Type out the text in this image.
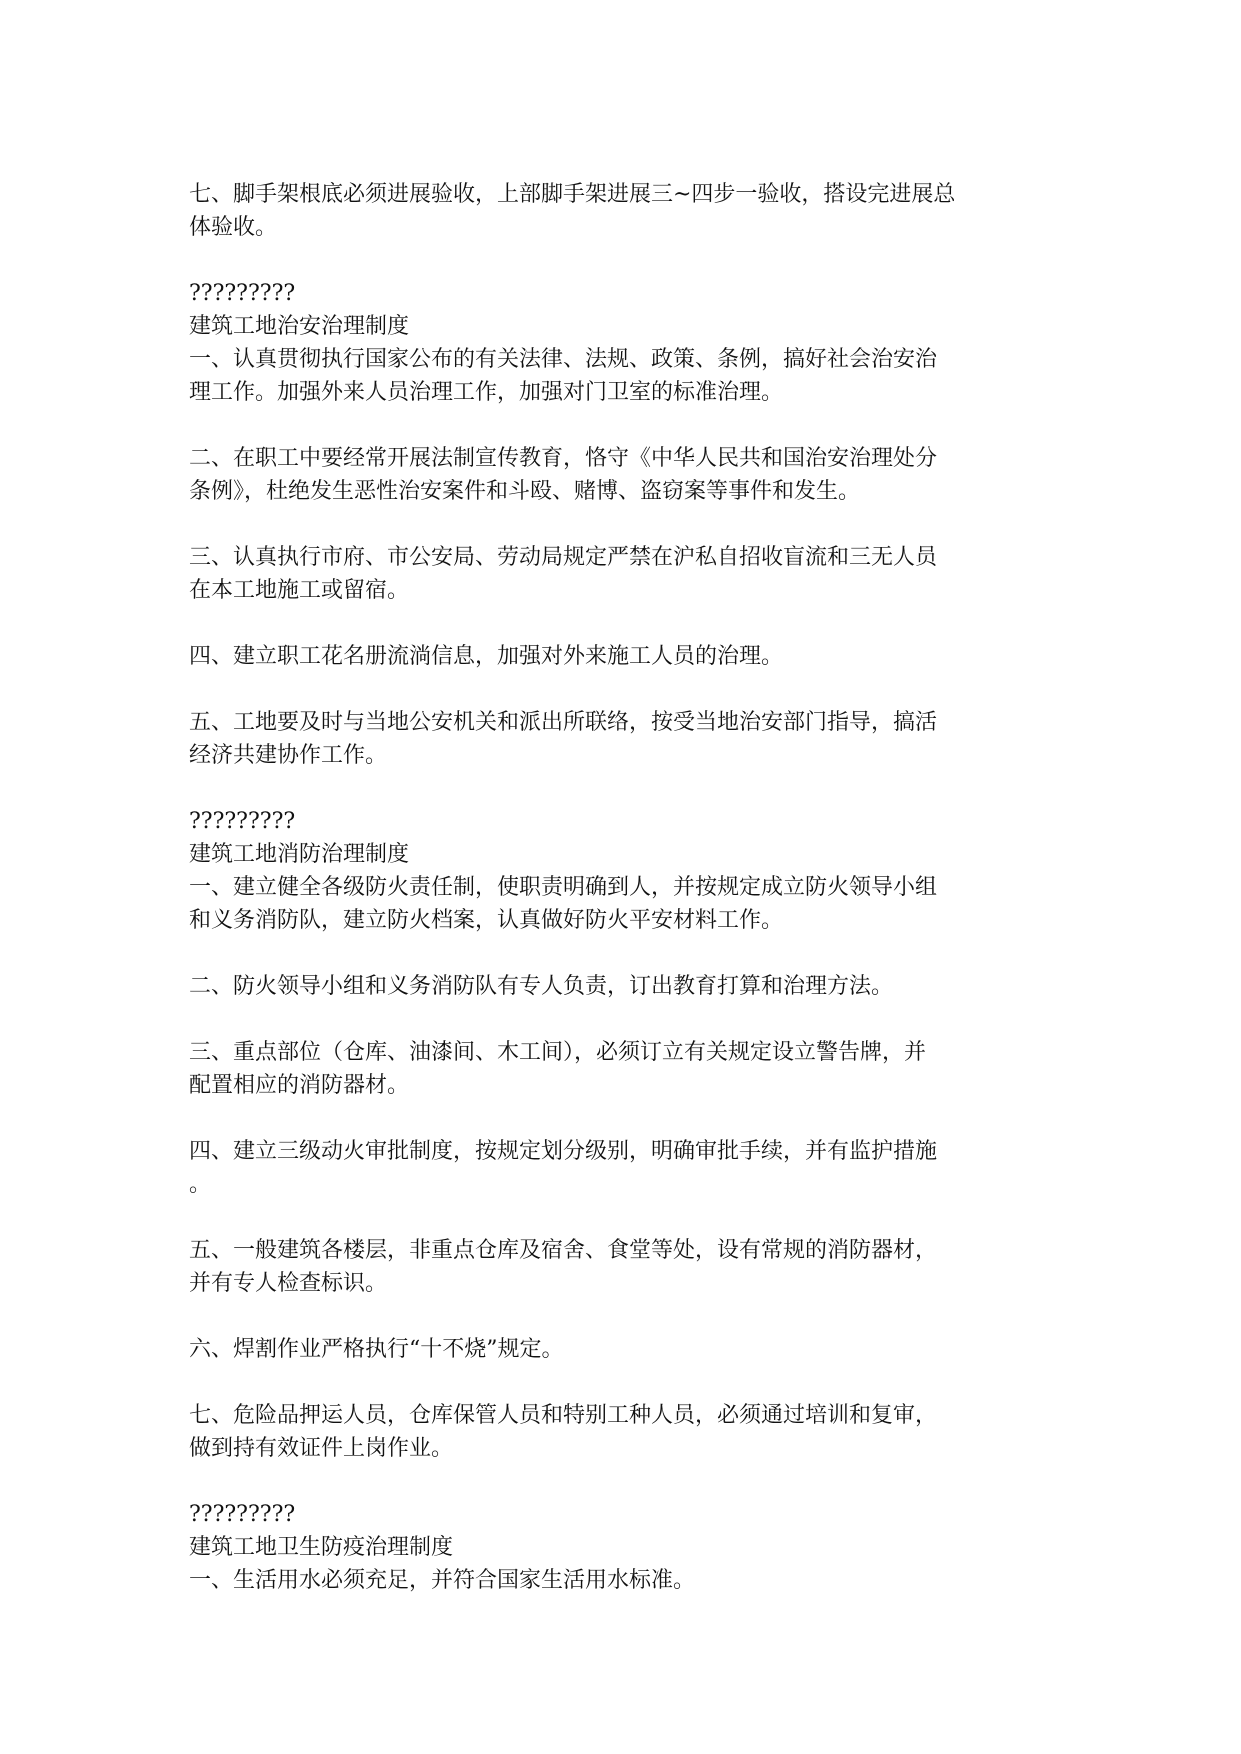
七、脚手架根底必须进展验收，上部脚手架进展三~四步一验收，搭设完进展总
体验收。
?????????
建筑工地治安治理制度
一、认真贯彻执行国家公布的有关法律、法规、政策、条例，搞好社会治安治
理工作。加强外来人员治理工作，加强对门卫室的标准治理。
二、在职工中要经常开展法制宣传教育，恪守《中华人民共和国治安治理处分
条例》，杜绝发生恶性治安案件和斗殴、赌博、盗窃案等事件和发生。
三、认真执行市府、市公安局、劳动局规定严禁在沪私自招收盲流和三无人员
在本工地施工或留宿。
四、建立职工花名册流淌信息，加强对外来施工人员的治理。
五、工地要及时与当地公安机关和派出所联络，按受当地治安部门指导，搞活
经济共建协作工作。
?????????
建筑工地消防治理制度
一、建立健全各级防火责任制，使职责明确到人，并按规定成立防火领导小组
和义务消防队，建立防火档案，认真做好防火平安材料工作。
二、防火领导小组和义务消防队有专人负责，订出教育打算和治理方法。
三、重点部位（仓库、油漆间、木工间），必须订立有关规定设立警告牌，并
配置相应的消防器材。
四、建立三级动火审批制度，按规定划分级别，明确审批手续，并有监护措施
。
五、一般建筑各楼层，非重点仓库及宿舍、食堂等处，设有常规的消防器材，
并有专人检查标识。
六、焊割作业严格执行“十不烧”规定。
七、危险品押运人员，仓库保管人员和特别工种人员，必须通过培训和复审，
做到持有效证件上岗作业。
?????????
建筑工地卫生防疫治理制度
一、生活用水必须充足，并符合国家生活用水标准。
